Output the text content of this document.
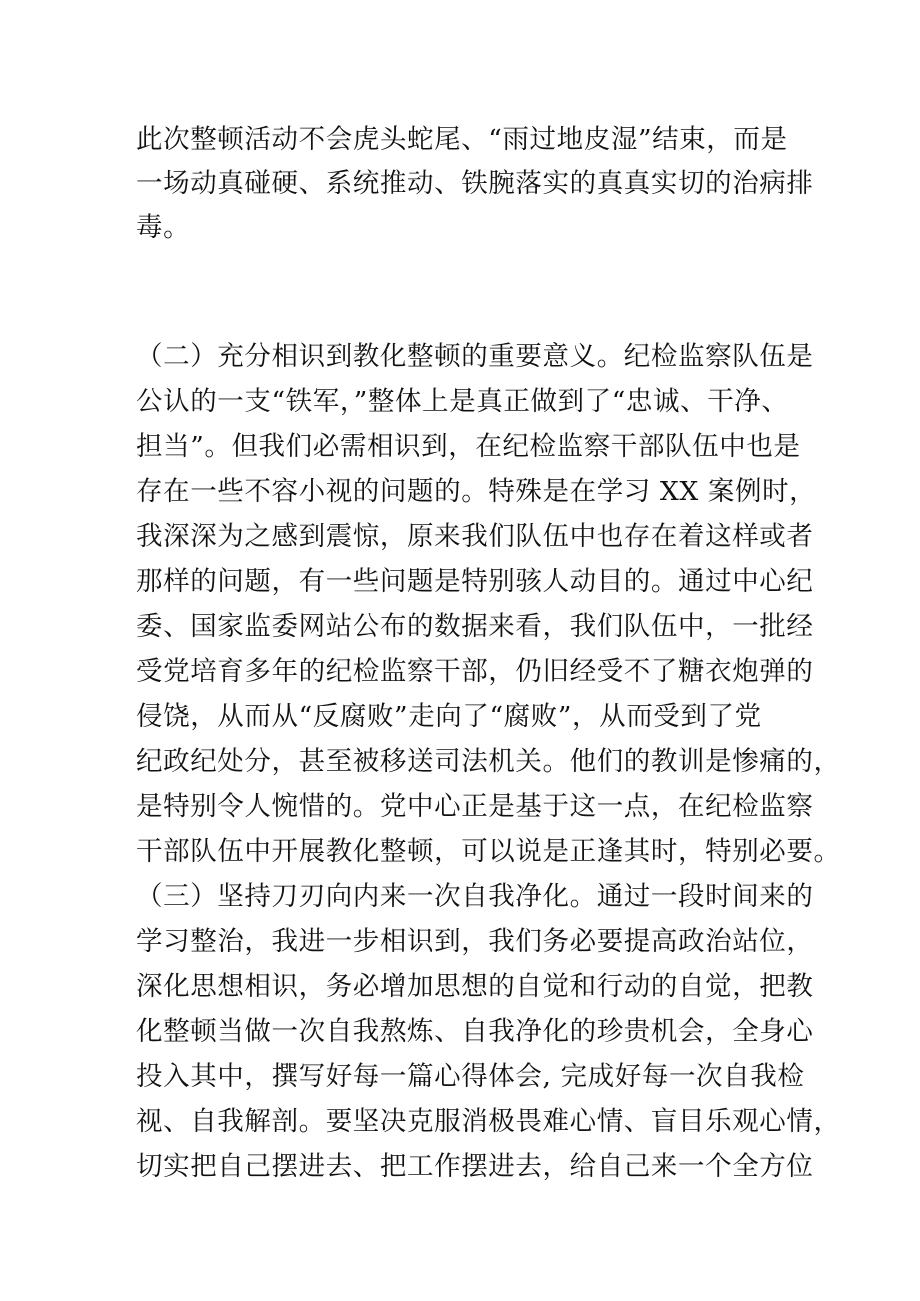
此次整顿活动不会虎头蛇尾、“雨过地皮湿”结束，而是
一场动真碰硬、系统推动、铁腕落实的真真实切的治病排
毒。
（二）充分相识到教化整顿的重要意义。纪检监察队伍是
公认的一支“铁军，”整体上是真正做到了“忠诚、干净、
担当”。但我们必需相识到，在纪检监察干部队伍中也是
存在一些不容小视的问题的。特殊是在学习 XX 案例时，
我深深为之感到震惊，原来我们队伍中也存在着这样或者
那样的问题，有一些问题是特别骇人动目的。通过中心纪
委、国家监委网站公布的数据来看，我们队伍中，一批经
受党培育多年的纪检监察干部，仍旧经受不了糖衣炮弹的
侵饶，从而从“反腐败”走向了“腐败”，从而受到了党
纪政纪处分，甚至被移送司法机关。他们的教训是惨痛的，
是特别令人惋惜的。党中心正是基于这一点，在纪检监察
干部队伍中开展教化整顿，可以说是正逢其时，特别必要。
（三）坚持刀刃向内来一次自我净化。通过一段时间来的
学习整治，我进一步相识到，我们务必要提高政治站位，
深化思想相识，务必增加思想的自觉和行动的自觉，把教
化整顿当做一次自我熬炼、自我净化的珍贵机会，全身心
投入其中，撰写好每一篇心得体会, 完成好每一次自我检
视、自我解剖。要坚决克服消极畏难心情、盲目乐观心情，
切实把自己摆进去、把工作摆进去，给自己来一个全方位
